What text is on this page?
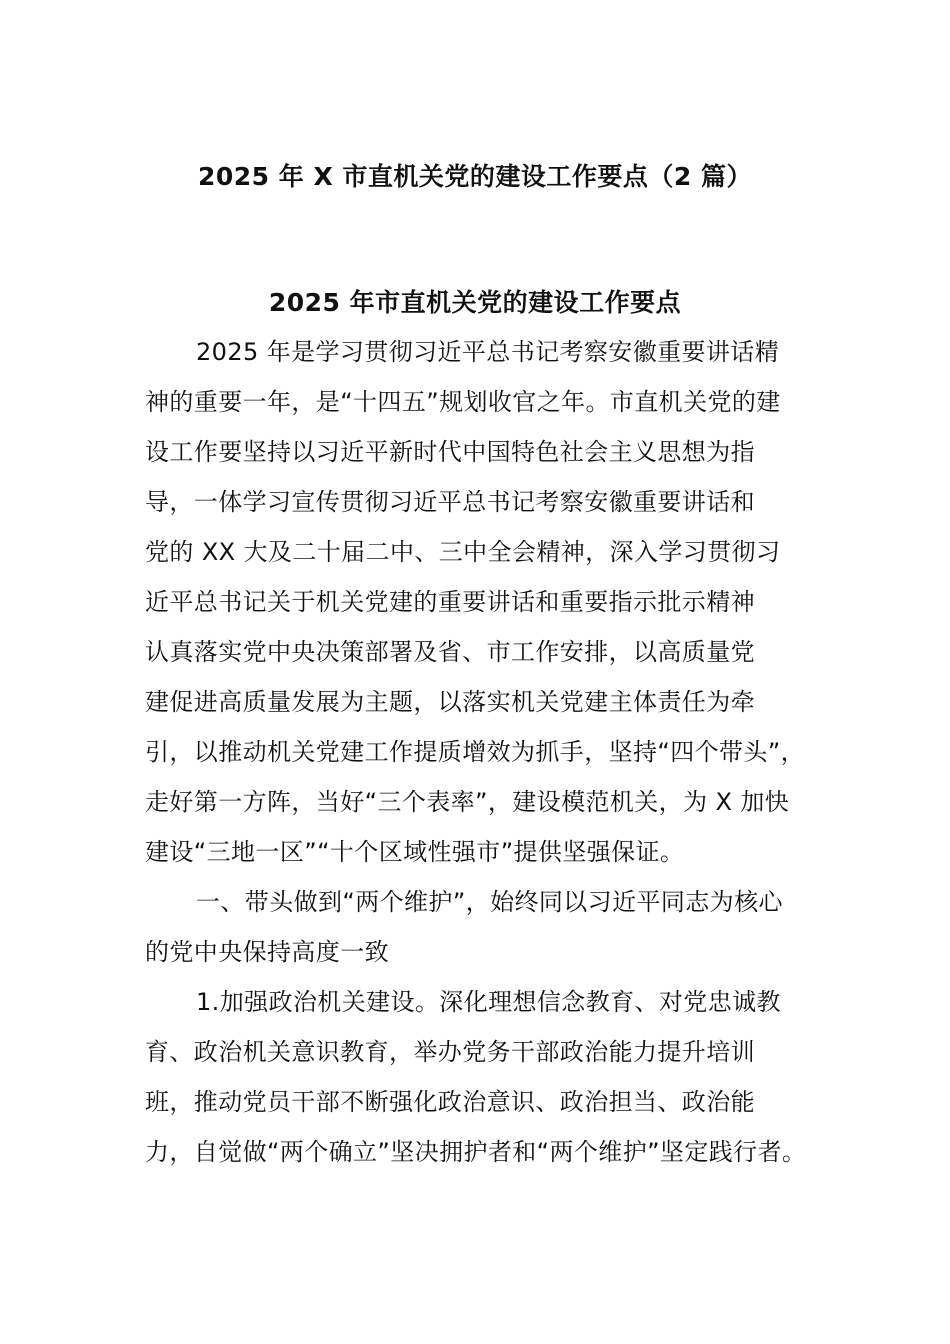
2025 年 X 市直机关党的建设工作要点（2 篇）
2025 年市直机关党的建设工作要点
2025 年是学习贯彻习近平总书记考察安徽重要讲话精
神的重要一年，是“十四五”规划收官之年。市直机关党的建
设工作要坚持以习近平新时代中国特色社会主义思想为指
导，一体学习宣传贯彻习近平总书记考察安徽重要讲话和
党的 XX 大及二十届二中、三中全会精神，深入学习贯彻习
近平总书记关于机关党建的重要讲话和重要指示批示精神
认真落实党中央决策部署及省、市工作安排，以高质量党
建促进高质量发展为主题，以落实机关党建主体责任为牵
引，以推动机关党建工作提质增效为抓手，坚持“四个带头”，
走好第一方阵，当好“三个表率”，建设模范机关，为 X 加快
建设“三地一区”“十个区域性强市”提供坚强保证。
一、带头做到“两个维护”，始终同以习近平同志为核心
的党中央保持高度一致
1.加强政治机关建设。深化理想信念教育、对党忠诚教
育、政治机关意识教育，举办党务干部政治能力提升培训
班，推动党员干部不断强化政治意识、政治担当、政治能
力，自觉做“两个确立”坚决拥护者和“两个维护”坚定践行者。
